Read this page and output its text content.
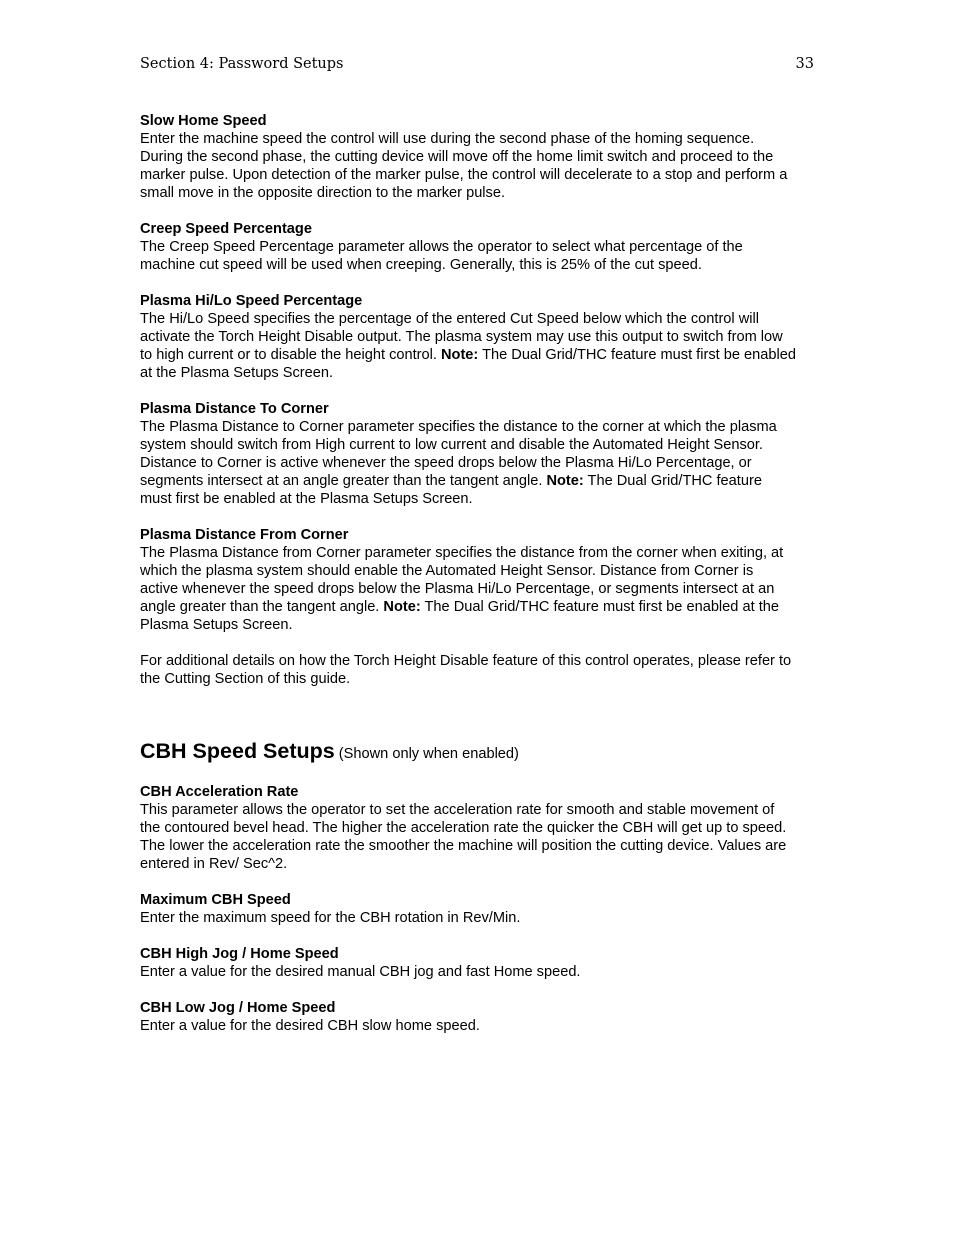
Section 4: Password Setups	33
Slow Home Speed

Enter the machine speed the control will use during the second phase of the homing sequence.
During the second phase, the cutting device will move off the home limit switch and proceed to the
marker pulse. Upon detection of the marker pulse, the control will decelerate to a stop and perform a
small move in the opposite direction to the marker pulse.

Creep Speed Percentage

The Creep Speed Percentage parameter allows the operator to select what percentage of the
machine cut speed will be used when creeping. Generally, this is 25% of the cut speed.

Plasma Hi/Lo Speed Percentage

The Hi/Lo Speed specifies the percentage of the entered Cut Speed below which the control will
activate the Torch Height Disable output. The plasma system may use this output to switch from low
to high current or to disable the height control. Note: The Dual Grid/THC feature must first be enabled
at the Plasma Setups Screen.

Plasma Distance To Corner

The Plasma Distance to Corner parameter specifies the distance to the corner at which the plasma
system should switch from High current to low current and disable the Automated Height Sensor.
Distance to Corner is active whenever the speed drops below the Plasma Hi/Lo Percentage, or
segments intersect at an angle greater than the tangent angle. Note: The Dual Grid/THC feature
must first be enabled at the Plasma Setups Screen.

Plasma Distance From Corner

The Plasma Distance from Corner parameter specifies the distance from the corner when exiting, at
which the plasma system should enable the Automated Height Sensor. Distance from Corner is
active whenever the speed drops below the Plasma Hi/Lo Percentage, or segments intersect at an
angle greater than the tangent angle. Note: The Dual Grid/THC feature must first be enabled at the
Plasma Setups Screen.

For additional details on how the Torch Height Disable feature of this control operates, please refer to
the Cutting Section of this guide.

CBH Speed Setups (Shown only when enabled)
CBH Acceleration Rate

This parameter allows the operator to set the acceleration rate for smooth and stable movement of
the contoured bevel head. The higher the acceleration rate the quicker the CBH will get up to speed.
The lower the acceleration rate the smoother the machine will position the cutting device. Values are
entered in Rev/ Sec^2.

Maximum CBH Speed

Enter the maximum speed for the CBH rotation in Rev/Min.

CBH High Jog / Home Speed

Enter a value for the desired manual CBH jog and fast Home speed.

CBH Low Jog / Home Speed

Enter a value for the desired CBH slow home speed.
